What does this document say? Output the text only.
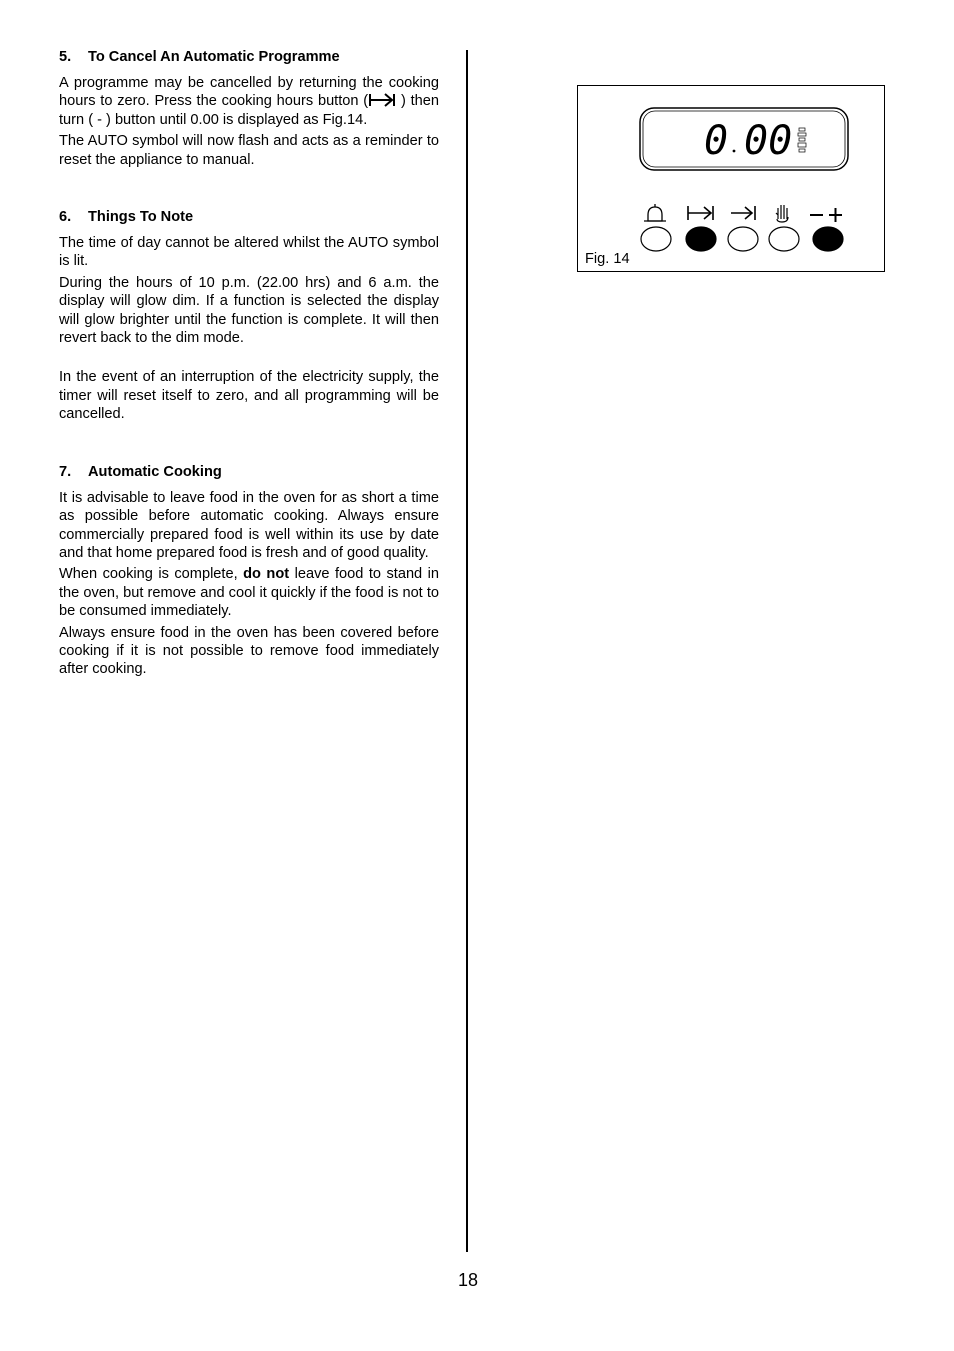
5. To Cancel An Automatic Programme

A programme may be cancelled by returning the cooking hours to zero. Press the cooking hours button ( ) then turn ( - ) button until 0.00 is displayed as Fig.14.

The AUTO symbol will now flash and acts as a reminder to reset the appliance to manual.

6. Things To Note

The time of day cannot be altered whilst the AUTO symbol is lit.

During the hours of 10 p.m. (22.00 hrs) and 6 a.m. the display will glow dim. If a function is selected the display will glow brighter until the function is complete. It will then revert back to the dim mode.

In the event of an interruption of the electricity supply, the timer will reset itself to zero, and all programming will be cancelled.

7. Automatic Cooking

It is advisable to leave food in the oven for as short a time as possible before automatic cooking. Always ensure commercially prepared food is well within its use by date and that home prepared food is fresh and of good quality.

When cooking is complete, do not leave food to stand in the oven, but remove and cool it quickly if the food is not to be consumed immediately.

Always ensure food in the oven has been covered before cooking if it is not possible to remove food immediately after cooking.

0 00
Fig. 14
18
